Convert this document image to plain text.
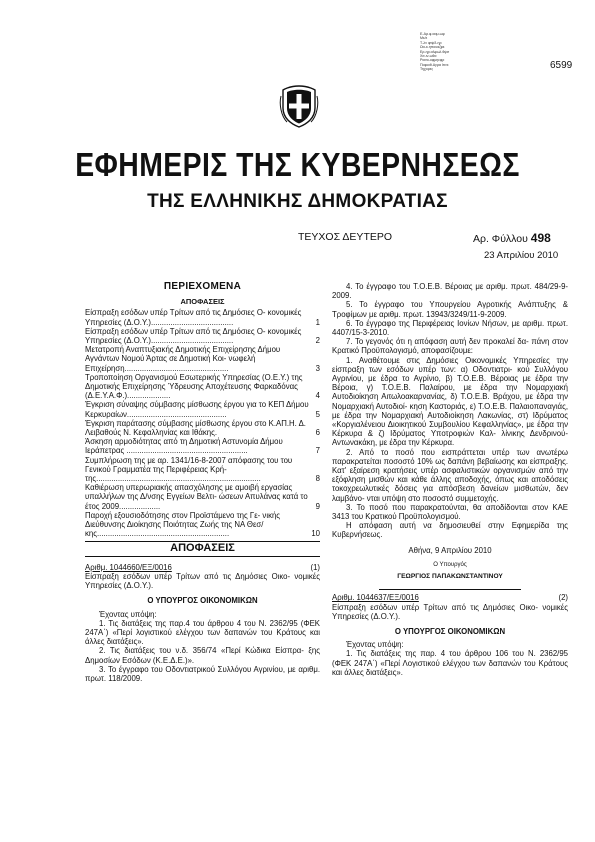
Ε-Αρ.φ.ααμ.ωφ
Με/ε
Τ-λν φτψδ-ηρ
Ωα-κ.ηπουαζφε
Ερ-ηρ.αλφωλ.θψσ
Χσ-ιν-ωθα
Ρασο-οφμηεφρ
Ποφοιθ.Αγρα Ιτινε
Τηχορες	6599
ΕΦΗΜΕΡΙΣ ΤΗΣ ΚΥΒΕΡΝΗΣΕΩΣ
ΤΗΣ ΕΛΛΗΝΙΚΗΣ ΔΗΜΟΚΡΑΤΙΑΣ
ΤΕΥΧΟΣ ΔΕΥΤΕΡΟ	Αρ. Φύλλου 498
23 Απριλίου 2010
ΠΕΡΙΕΧΟΜΕΝΑ
ΑΠΟΦΑΣΕΙΣ
Είσπραξη εσόδων υπέρ Τρίτων από τις Δημόσιες Ο- κονομικές Υπηρεσίες (Δ.Ο.Υ.)......................................	1
Είσπραξη εσόδων υπέρ Τρίτων από τις Δημόσιες Ο- κονομικές Υπηρεσίες (Δ.Ο.Υ.)......................................	2
Μετατροπή Αναπτυξιακής Δημοτικής Επιχείρησης Δήμου Αγνάντων Νομού Άρτας σε Δημοτική Κοι- νωφελή Επιχείρηση................................................	3
Τροποποίηση Οργανισμού Εσωτερικής Υπηρεσίας (Ο.Ε.Υ.) της Δημοτικής Επιχείρησης Ύδρευσης Αποχέτευσης Φαρκαδόνας (Δ.Ε.Υ.Α.Φ.)....................	4
Έγκριση σύναψης σύμβασης μίσθωσης έργου για το ΚΕΠ Δήμου Κερκυραίων..............................................	5
Έγκριση παράτασης σύμβασης μίσθωσης έργου στο Κ.ΑΠ.Η. Δ. Λειβαθούς Ν. Κεφαλληνίας και Ιθάκης.	6
Άσκηση αρμοδιότητας από τη Δημοτική Αστυνομία Δήμου Ιεράπετρας ........................................................	7
Συμπλήρωση της με αρ. 1341/16-8-2007 απόφασης του του Γενικού Γραμματέα της Περιφέρειας Κρή- της............................................................................	8
Καθιέρωση υπερωριακής απασχόλησης με αμοιβή εργασίας υπαλλήλων της Δ/νσης Εγγείων Βελτι- ώσεων Απυλάνας κατά το έτος 2009...................	9
Παροχή εξουσιοδότησης στον Προϊστάμενο της Γε- νικής Διεύθυνσης Διοίκησης Ποιότητας Ζωής της ΝΑ Θεσ/κης.............................................................	10
ΑΠΟΦΑΣΕΙΣ
Αριθμ. 1044660/ΕΞ/0016	(1)

Είσπραξη εσόδων υπέρ Τρίτων από τις Δημόσιες Οικο- νομικές Υπηρεσίες (Δ.Ο.Υ.).

Ο ΥΠΟΥΡΓΟΣ ΟΙΚΟΝΟΜΙΚΩΝ

Έχοντας υπόψη:

1. Τις διατάξεις της παρ.4 του άρθρου 4 του Ν. 2362/95 (ΦΕΚ 247Α΄) «Περί λογιστικού ελέγχου των δαπανών του Κράτους και άλλες διατάξεις».

2. Τις διατάξεις του ν.δ. 356/74 «Περί Κώδικα Είσπρα- ξης Δημοσίων Εσόδων (Κ.Ε.Δ.Ε.)».

3. Το έγγραφο του Οδοντιατρικού Συλλόγου Αγρινίου, με αριθμ. πρωτ. 118/2009.

4. Το έγγραφο του Τ.Ο.Ε.Β. Βέροιας με αριθμ. πρωτ. 484/29-9-2009.

5. Το έγγραφο του Υπουργείου Αγροτικής Ανάπτυξης & Τροφίμων με αριθμ. πρωτ. 13943/3249/11-9-2009.

6. Το έγγραφο της Περιφέρειας Ιονίων Νήσων, με αριθμ. πρωτ. 4407/15-3-2010.

7. Το γεγονός ότι η απόφαση αυτή δεν προκαλεί δα- πάνη στον Κρατικό Προϋπολογισμό, αποφασίζουμε:

1. Αναθέτουμε στις Δημόσιες Οικονομικές Υπηρεσίες την είσπραξη των εσόδων υπέρ των: α) Οδοντιατρι- κού Συλλόγου Αγρινίου, με έδρα το Αγρίνιο, β) Τ.Ο.Ε.Β. Βέροιας με έδρα την Βέροια, γ) Τ.Ο.Ε.Β. Παλαίρου, με έδρα την Νομαρχιακή Αυτοδιοίκηση Αιτωλοακαρνανίας, δ) Τ.Ο.Ε.Β. Βράχου, με έδρα την Νομαρχιακή Αυτοδιοί- κηση Καστοριάς, ε) Τ.Ο.Ε.Β. Παλαιοπαναγιάς, με έδρα την Νομαρχιακή Αυτοδιοίκηση Λακωνίας, στ) Ιδρύματος «Κοργιαλένειου Διοικητικού Συμβουλίου Κεφαλληνίας», με έδρα την Κέρκυρα & ζ) Ιδρύματος Υποτροφιών Καλ- λίνικης Δενδρινού-Αντωνακάκη, με έδρα την Κέρκυρα.

2. Από το ποσό που εισπράττεται υπέρ των ανωτέρω παρακρατείται ποσοστό 10% ως δαπάνη βεβαίωσης και είσπραξης. Κατ' εξαίρεση κρατήσεις υπέρ ασφαλιστικών οργανισμών από την εξόφληση μισθών και κάθε άλλης αποδοχής, όπως και αποδόσεις τοκοχρεωλυτικές δόσεις για απόσβεση δανείων μισθωτών, δεν λαμβάνο- νται υπόψη στο ποσοστό συμμετοχής.

3. Το ποσό που παρακρατούνται, θα αποδίδονται στον ΚΑΕ 3413 του Κρατικού Προϋπολογισμού.

Η απόφαση αυτή να δημοσιευθεί στην Εφημερίδα της Κυβερνήσεως.

Αθήνα, 9 Απριλίου 2010
Ο Υπουργός
ΓΕΩΡΓΙΟΣ ΠΑΠΑΚΩΝΣΤΑΝΤΙΝΟΥ
Αριθμ. 1044637/ΕΞ/0016	(2)

Είσπραξη εσόδων υπέρ Τρίτων από τις Δημόσιες Οικο- νομικές Υπηρεσίες (Δ.Ο.Υ.).

Ο ΥΠΟΥΡΓΟΣ ΟΙΚΟΝΟΜΙΚΩΝ

Έχοντας υπόψη:

1. Τις διατάξεις της παρ. 4 του άρθρου 106 του Ν. 2362/95 (ΦΕΚ 247Α΄) «Περί Λογιστικού ελέγχου των δαπανών του Κράτους και άλλες διατάξεις».
